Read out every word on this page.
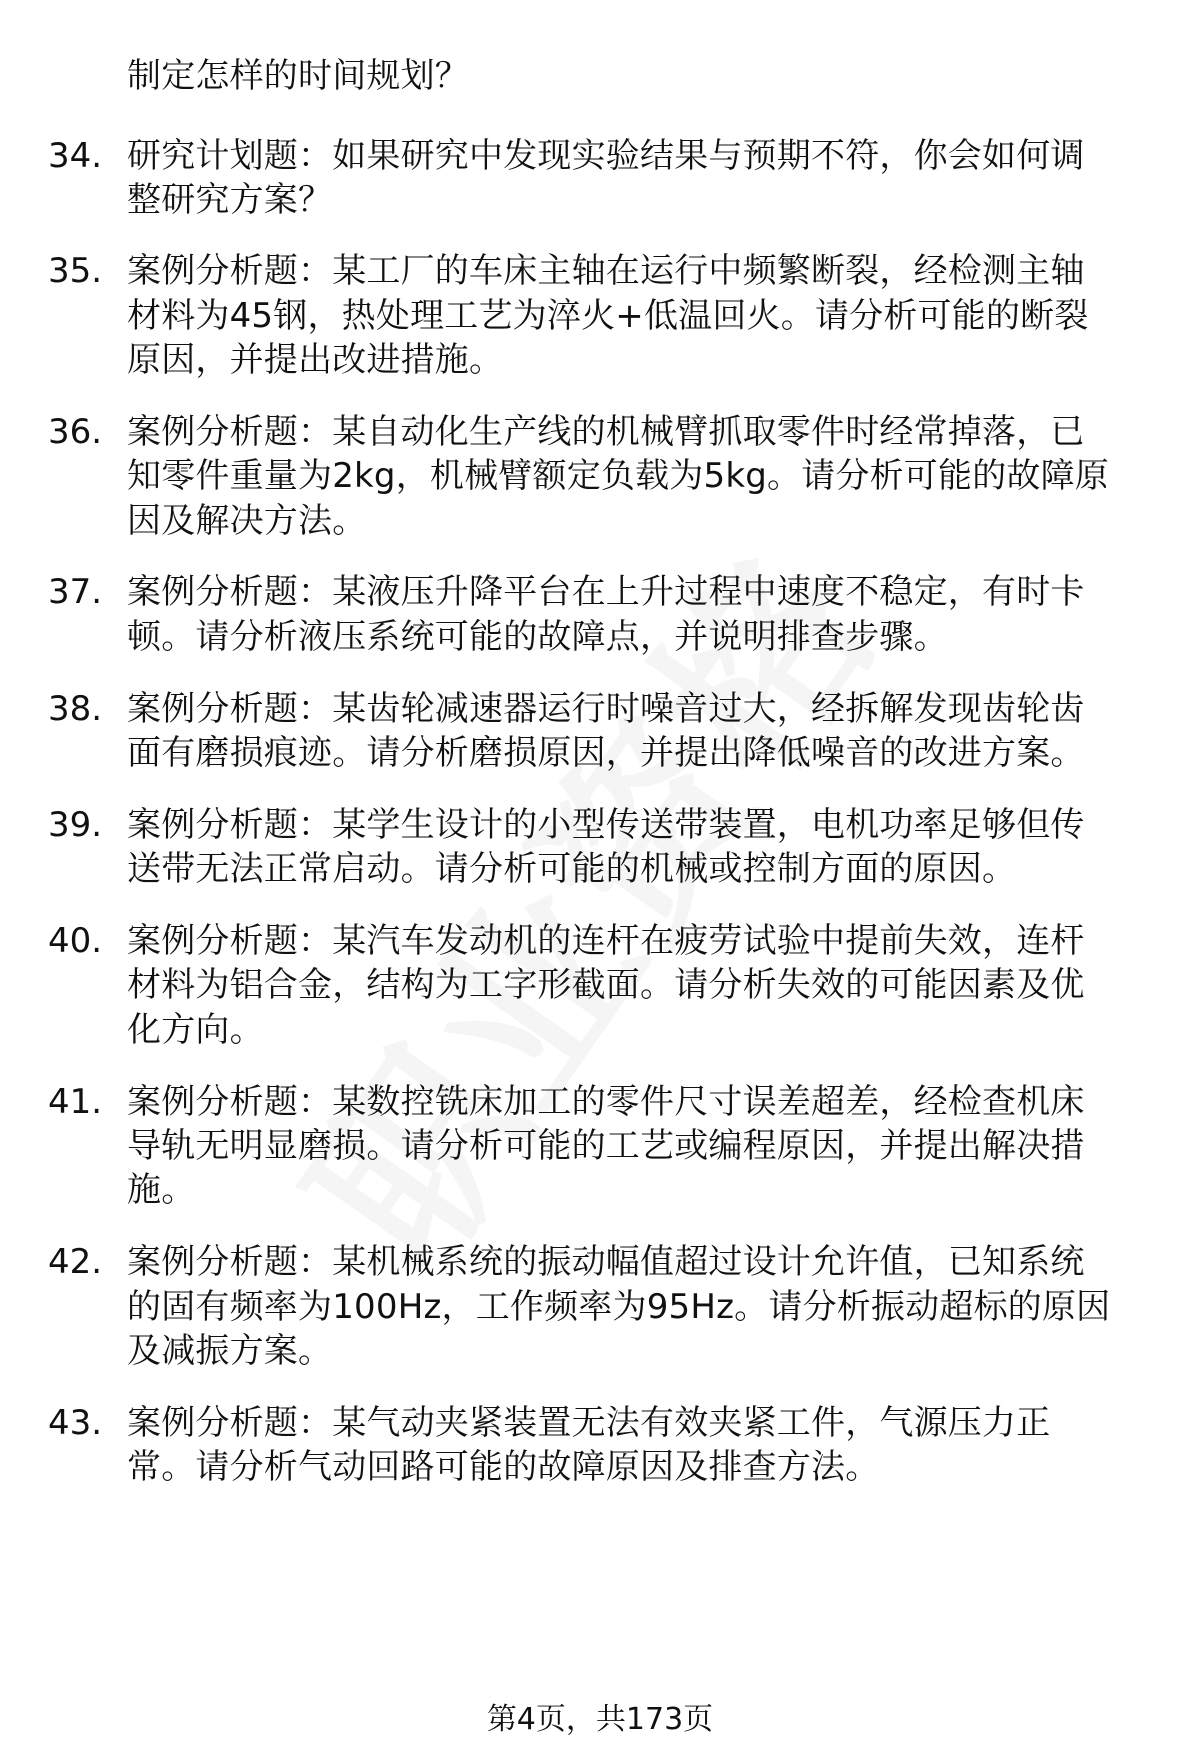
制定怎样的时间规划？
34. 研究计划题：如果研究中发现实验结果与预期不符，你会如何调
整研究方案？
35. 案例分析题：某工厂的车床主轴在运行中频繁断裂，经检测主轴
材料为45钢，热处理工艺为淬火+低温回火。请分析可能的断裂
原因，并提出改进措施。
36. 案例分析题：某自动化生产线的机械臂抓取零件时经常掉落，已
知零件重量为2kg，机械臂额定负载为5kg。请分析可能的故障原
因及解决方法。
37. 案例分析题：某液压升降平台在上升过程中速度不稳定，有时卡
顿。请分析液压系统可能的故障点，并说明排查步骤。
38. 案例分析题：某齿轮减速器运行时噪音过大，经拆解发现齿轮齿
面有磨损痕迹。请分析磨损原因，并提出降低噪音的改进方案。
39. 案例分析题：某学生设计的小型传送带装置，电机功率足够但传
送带无法正常启动。请分析可能的机械或控制方面的原因。
40. 案例分析题：某汽车发动机的连杆在疲劳试验中提前失效，连杆
材料为铝合金，结构为工字形截面。请分析失效的可能因素及优
化方向。
41. 案例分析题：某数控铣床加工的零件尺寸误差超差，经检查机床
导轨无明显磨损。请分析可能的工艺或编程原因，并提出解决措
施。
42. 案例分析题：某机械系统的振动幅值超过设计允许值，已知系统
的固有频率为100Hz，工作频率为95Hz。请分析振动超标的原因
及减振方案。
43. 案例分析题：某气动夹紧装置无法有效夹紧工件，气源压力正
常。请分析气动回路可能的故障原因及排查方法。
第4页，共173页
